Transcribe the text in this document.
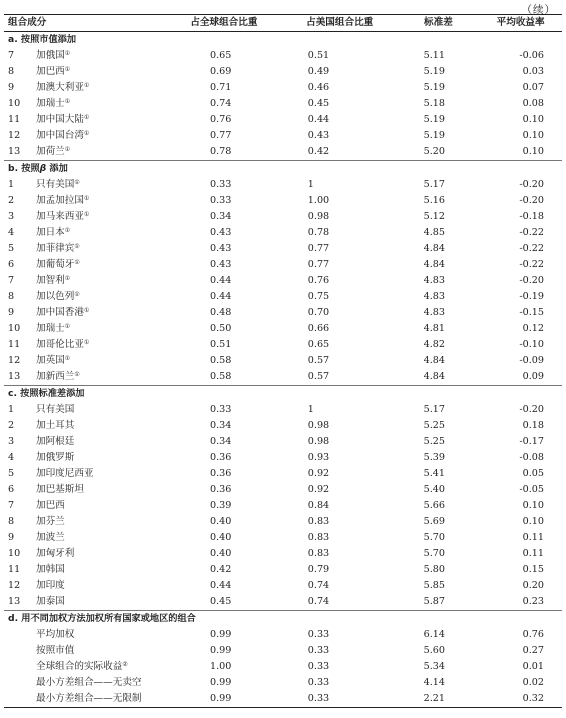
（续）
组合成分		占全球组合比重	占美国组合比重	标准差	平均收益率
a. 按照市值添加					
7	加俄国①	0.65	0.51	5.11	-0.06
8	加巴西①	0.69	0.49	5.19	0.03
9	加澳大利亚①	0.71	0.46	5.19	0.07
10	加瑞士①	0.74	0.45	5.18	0.08
11	加中国大陆①	0.76	0.44	5.19	0.10
12	加中国台湾①	0.77	0.43	5.19	0.10
13	加荷兰①	0.78	0.42	5.20	0.10
b. 按照β 添加					
1	只有美国①	0.33	1	5.17	-0.20
2	加孟加拉国①	0.33	1.00	5.16	-0.20
3	加马来西亚①	0.34	0.98	5.12	-0.18
4	加日本①	0.43	0.78	4.85	-0.22
5	加菲律宾①	0.43	0.77	4.84	-0.22
6	加葡萄牙①	0.43	0.77	4.84	-0.22
7	加智利①	0.44	0.76	4.83	-0.20
8	加以色列①	0.44	0.75	4.83	-0.19
9	加中国香港①	0.48	0.70	4.83	-0.15
10	加瑞士①	0.50	0.66	4.81	0.12
11	加哥伦比亚①	0.51	0.65	4.82	-0.10
12	加英国①	0.58	0.57	4.84	-0.09
13	加新西兰①	0.58	0.57	4.84	0.09
c. 按照标准差添加					
1	只有美国	0.33	1	5.17	-0.20
2	加土耳其	0.34	0.98	5.25	0.18
3	加阿根廷	0.34	0.98	5.25	-0.17
4	加俄罗斯	0.36	0.93	5.39	-0.08
5	加印度尼西亚	0.36	0.92	5.41	0.05
6	加巴基斯坦	0.36	0.92	5.40	-0.05
7	加巴西	0.39	0.84	5.66	0.10
8	加芬兰	0.40	0.83	5.69	0.10
9	加波兰	0.40	0.83	5.70	0.11
10	加匈牙利	0.40	0.83	5.70	0.11
11	加韩国	0.42	0.79	5.80	0.15
12	加印度	0.44	0.74	5.85	0.20
13	加泰国	0.45	0.74	5.87	0.23
d. 用不同加权方法加权所有国家或地区的组合					
平均加权		0.99	0.33	6.14	0.76
按照市值		0.99	0.33	5.60	0.27
全球组合的实际收益②		1.00	0.33	5.34	0.01
最小方差组合——无卖空		0.99	0.33	4.14	0.02
最小方差组合——无限制		0.99	0.33	2.21	0.32
